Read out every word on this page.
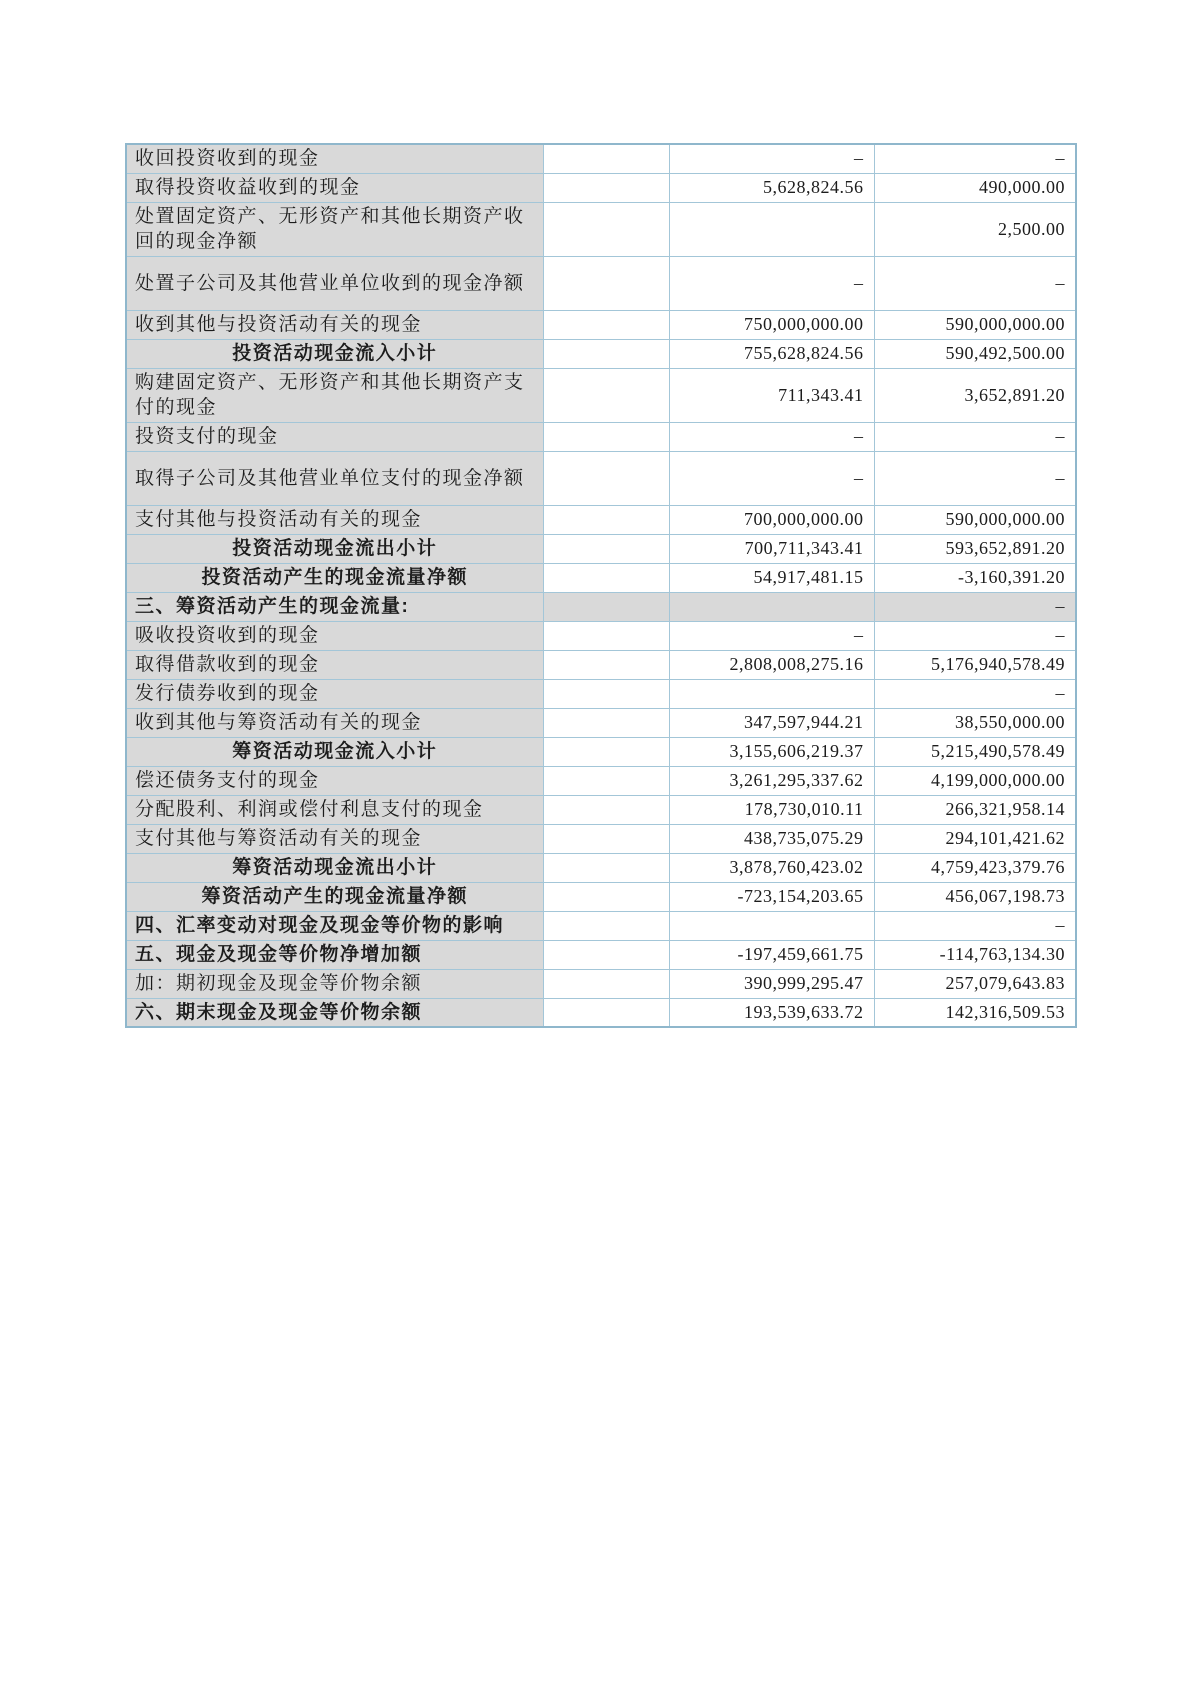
收回投资收到的现金		–	–
取得投资收益收到的现金		5,628,824.56	490,000.00
处置固定资产、无形资产和其他长期资产收回的现金净额			2,500.00
处置子公司及其他营业单位收到的现金净额		–	–
收到其他与投资活动有关的现金		750,000,000.00	590,000,000.00
投资活动现金流入小计		755,628,824.56	590,492,500.00
购建固定资产、无形资产和其他长期资产支付的现金		711,343.41	3,652,891.20
投资支付的现金		–	–
取得子公司及其他营业单位支付的现金净额		–	–
支付其他与投资活动有关的现金		700,000,000.00	590,000,000.00
投资活动现金流出小计		700,711,343.41	593,652,891.20
投资活动产生的现金流量净额		54,917,481.15	-3,160,391.20
三、筹资活动产生的现金流量:			–
吸收投资收到的现金		–	–
取得借款收到的现金		2,808,008,275.16	5,176,940,578.49
发行债券收到的现金			–
收到其他与筹资活动有关的现金		347,597,944.21	38,550,000.00
筹资活动现金流入小计		3,155,606,219.37	5,215,490,578.49
偿还债务支付的现金		3,261,295,337.62	4,199,000,000.00
分配股利、利润或偿付利息支付的现金		178,730,010.11	266,321,958.14
支付其他与筹资活动有关的现金		438,735,075.29	294,101,421.62
筹资活动现金流出小计		3,878,760,423.02	4,759,423,379.76
筹资活动产生的现金流量净额		-723,154,203.65	456,067,198.73
四、汇率变动对现金及现金等价物的影响			–
五、现金及现金等价物净增加额		-197,459,661.75	-114,763,134.30
加：期初现金及现金等价物余额		390,999,295.47	257,079,643.83
六、期末现金及现金等价物余额		193,539,633.72	142,316,509.53
